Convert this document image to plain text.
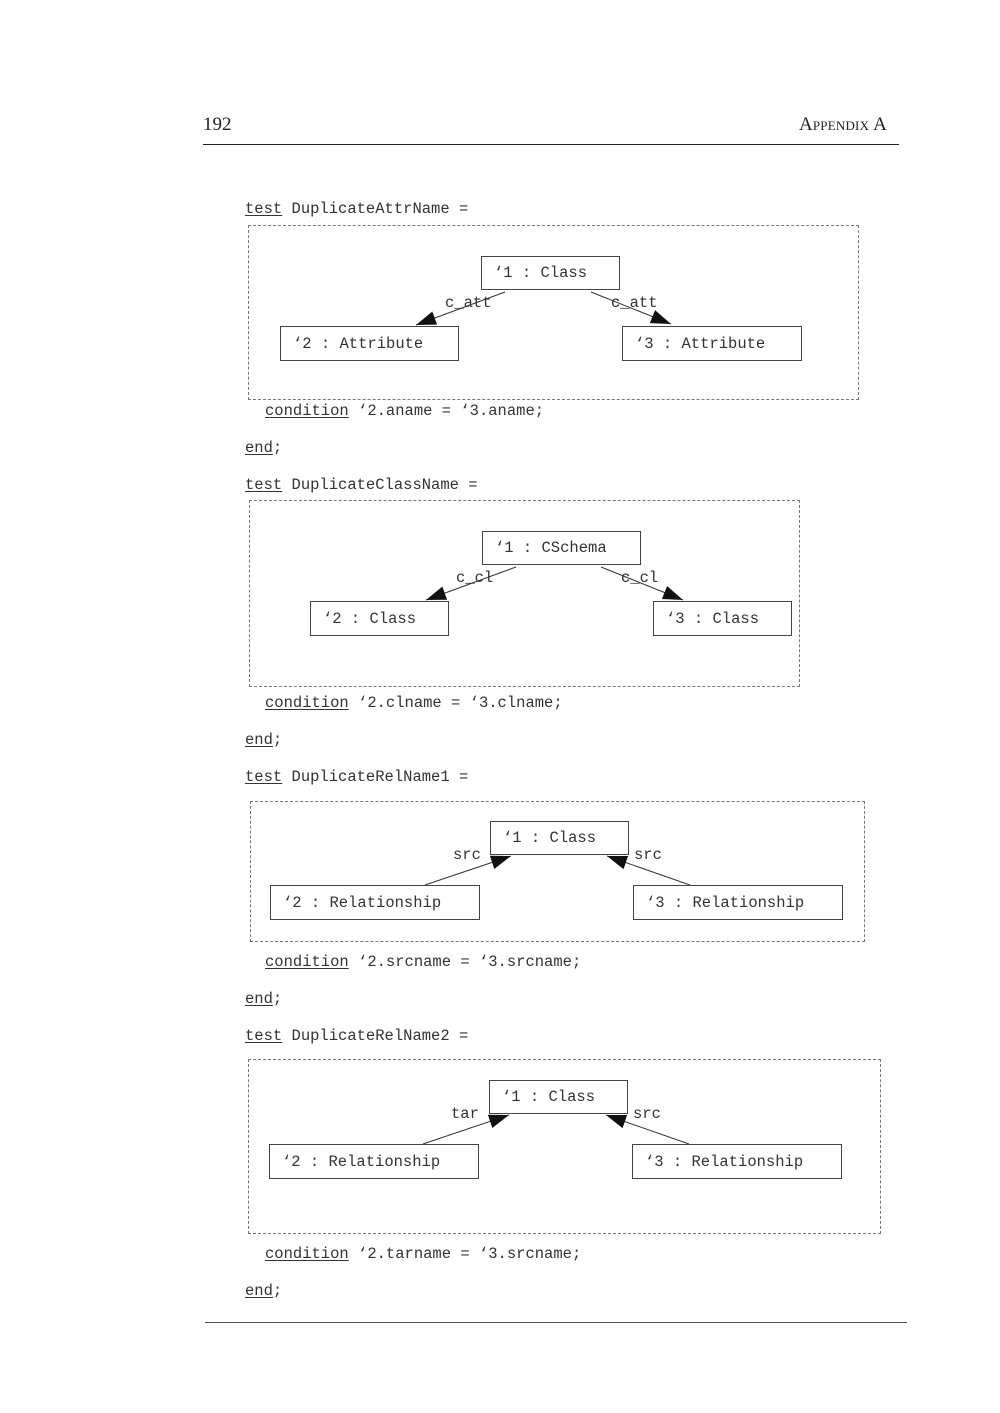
192	Appendix A
test DuplicateAttrName =
‘1 : Class
‘2 : Attribute	‘3 : Attribute
c_att	c_att
condition ‘2.aname = ‘3.aname;
end;
test DuplicateClassName =
‘1 : CSchema
‘2 : Class	‘3 : Class
c_cl	c_cl
condition ‘2.clname = ‘3.clname;
end;
test DuplicateRelName1 =
‘1 : Class
‘2 : Relationship	‘3 : Relationship
src	src
condition ‘2.srcname = ‘3.srcname;
end;
test DuplicateRelName2 =
‘1 : Class
‘2 : Relationship	‘3 : Relationship
tar	src
condition ‘2.tarname = ‘3.srcname;
end;
